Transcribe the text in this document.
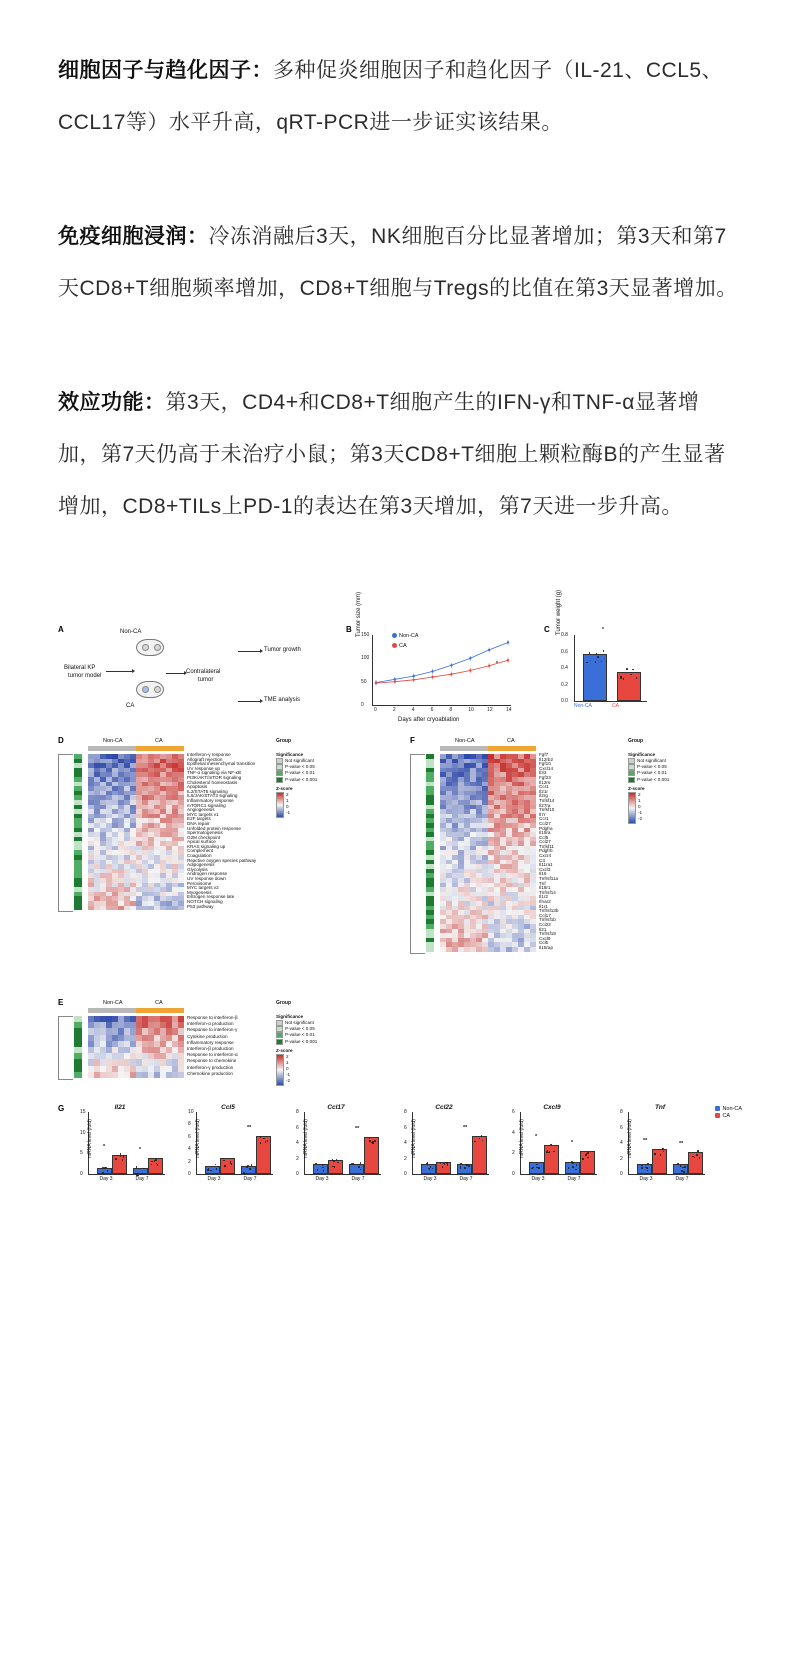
细胞因子与趋化因子：多种促炎细胞因子和趋化因子（IL-21、CCL5、CCL17等）水平升高，qRT-PCR进一步证实该结果。

免疫细胞浸润：冷冻消融后3天，NK细胞百分比显著增加；第3天和第7天CD8+T细胞频率增加，CD8+T细胞与Tregs的比值在第3天显著增加。

效应功能：第3天，CD4+和CD8+T细胞产生的IFN-γ和TNF-α显著增加，第7天仍高于未治疗小鼠；第3天CD8+T细胞上颗粒酶B的产生显著增加，CD8+TILs上PD-1的表达在第3天增加，第7天进一步升高。

A	Non-CA
Bilateral KP
tumor model
CA
Contralateral
tumor
Tumor growth
TME analysis
B Tumor size (mm)
0
50
100
150
0	2	4	6	8	10	12	14
Days after cryoablation
Non-CA
CA
*
C Tumor weight (g)
0.0
0.2
0.4
0.6
0.8
*
Non-CA	CA
D	Non-CA	CA
Interferon-γ response
Allograft rejection
Epithelial mesenchymal transition
UV response up
TNF-α signaling via NF-κB
PI3K/AKT/mTOR signaling
Cholesterol homeostasis
Apoptosis
IL2/STAT5 signaling
IL6/JAK/STAT3 signaling
Inflammatory response
mTORC1 signaling
Angiogenesis
MYC targets v1
E2F targets
DNA repair
Unfolded protein response
Spermatogenesis
G2M checkpoint
Apical surface
KRAS signaling up
Complement
Coagulation
Reactive oxygen species pathway
Adipogenesis
Glycolysis
Androgen response
UV response down
Peroxisome
MYC targets v2
Myogenesis
Estrogen response late
NOTCH signaling
P53 pathway
Significance
Not significant
P-value < 0.05
P-value < 0.01
P-value < 0.001
Z-score
2
1
0
-1
Group	F	Non-CA	CA
Fgf7
Il12rb2
Fgf10
Cxcl14
Il33
Fgf23
Il12rs
Ccr1
Il21r
Il2rg
Tnfsf14
Il27ra
Tnfsf10
Il7r
Ccr1
Ccl27
Pdgfra
Il15ra
Ccl5
Ccl27
Tnfsf11
Pdgfrb
Cxcr4
C3
Il11ra1
Cxcl3
Il16
Tnfrsf11a
Tnf
Il18r1
Tnfrsf14
Il1r2
Ifnar2
Il1r1
Tnfrsf13b
Ccl17
Tnfrsf1b
Ccl22
Il21
Tnfrsf19
Cxcl9
Ccl5
Il15rap
Significance
Not significant
P-value < 0.05
P-value < 0.01
P-value < 0.001
Z-score
2
1
0
-1
-2
Group
E	Non-CA	CA
Response to interferon-β
Interferon-α production
Response to interferon-γ
Cytokine production
Inflammatory response
Interferon-β production
Response to interferon-α
Response to chemokine
Interferon-γ production
Chemokine production
Significance
Not significant
P-value < 0.05
P-value < 0.01
P-value < 0.001
Z-score
2
1
0
-1
-2
Group
G	Il21
*
*
0
5
10
15
Day 3	Day 7
mRNA level (fold)
Ccl5
**
0
2
4
6
8
10
Day 3	Day 7
mRNA level (fold)
Ccl17
**
0
2
4
6
8
Day 3	Day 7
mRNA level (fold)
Ccl22
**
0
2
4
6
8
Day 3	Day 7
mRNA level (fold)
Cxcl9
*
*
0
2
4
6
Day 3	Day 7
mRNA level (fold)
Tnf
**
**
0
2
4
6
8
Day 3	Day 7
mRNA level (fold)
Non-CA
CA
